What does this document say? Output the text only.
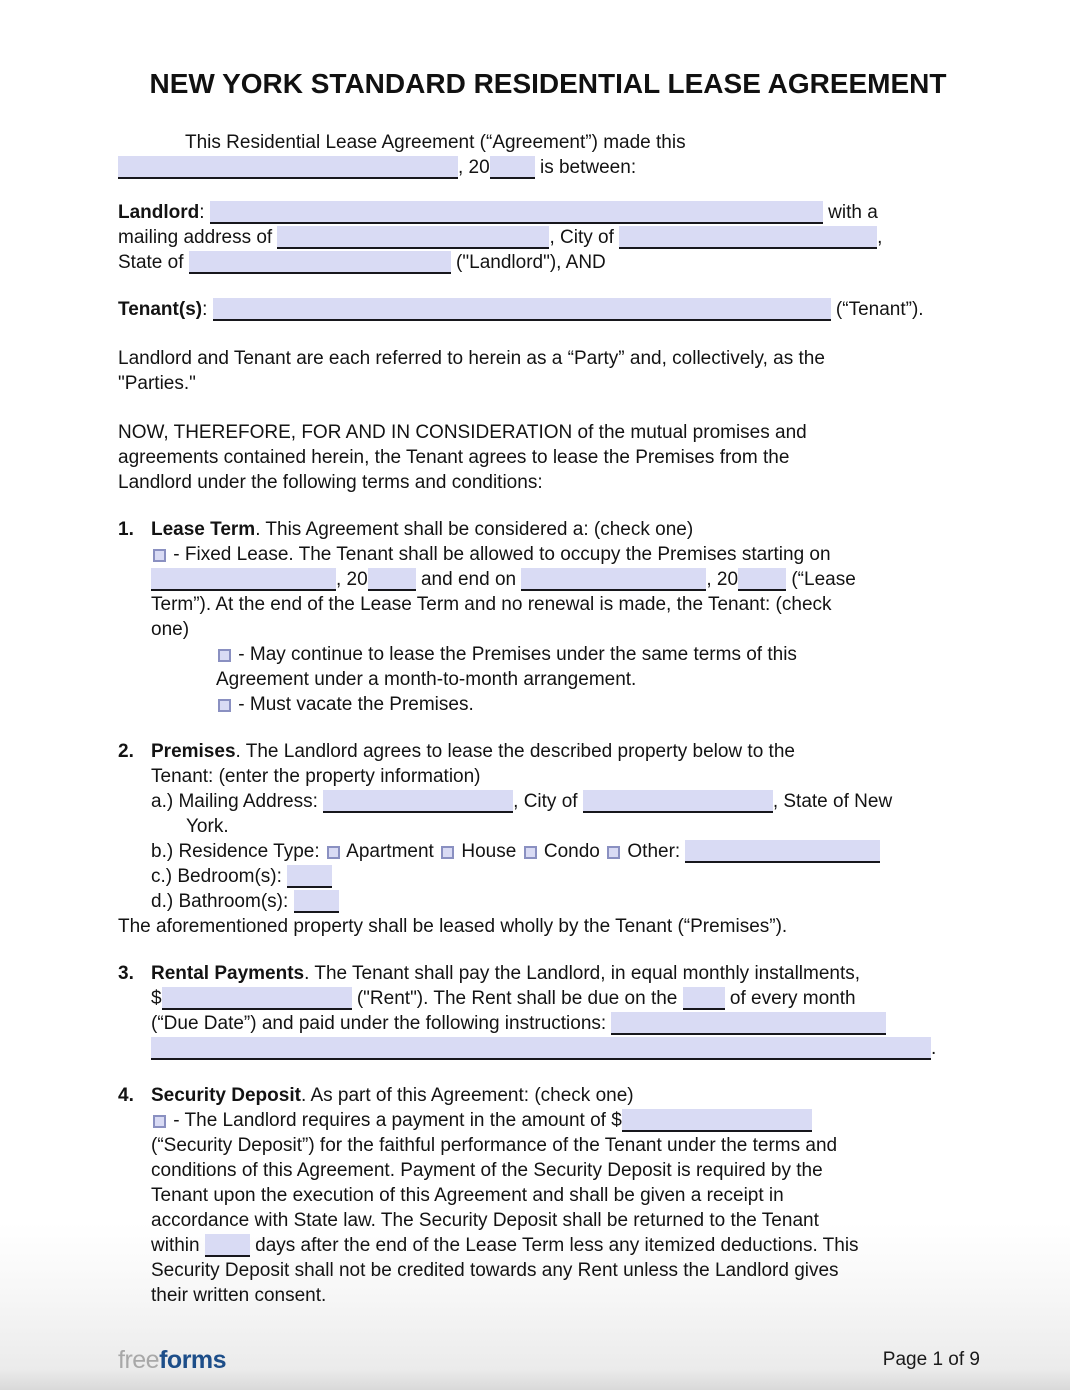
NEW YORK STANDARD RESIDENTIAL LEASE AGREEMENT
This Residential Lease Agreement (“Agreement”) made this
, 20 is between:
Landlord:	with a
mailing address of	, City of	,
State of	("Landlord"), AND
Tenant(s):	(“Tenant”).
Landlord and Tenant are each referred to herein as a “Party” and, collectively, as the
"Parties."
NOW, THEREFORE, FOR AND IN CONSIDERATION of the mutual promises and
agreements contained herein, the Tenant agrees to lease the Premises from the
Landlord under the following terms and conditions:
1. Lease Term. This Agreement shall be considered a: (check one)
- Fixed Lease. The Tenant shall be allowed to occupy the Premises starting on
, 20	and end on	, 20	(“Lease
Term”). At the end of the Lease Term and no renewal is made, the Tenant: (check
one)
- May continue to lease the Premises under the same terms of this
Agreement under a month-to-month arrangement.
- Must vacate the Premises.
2. Premises. The Landlord agrees to lease the described property below to the
Tenant: (enter the property information)
a.) Mailing Address:	, City of	, State of New
York.
b.) Residence Type:  Apartment  House  Condo  Other:
c.) Bedroom(s):
d.) Bathroom(s):
The aforementioned property shall be leased wholly by the Tenant (“Premises”).
3. Rental Payments. The Tenant shall pay the Landlord, in equal monthly installments,
$	("Rent"). The Rent shall be due on the  of every month
(“Due Date”) and paid under the following instructions:
.
4. Security Deposit. As part of this Agreement: (check one)
- The Landlord requires a payment in the amount of $
(“Security Deposit”) for the faithful performance of the Tenant under the terms and
conditions of this Agreement. Payment of the Security Deposit is required by the
Tenant upon the execution of this Agreement and shall be given a receipt in
accordance with State law. The Security Deposit shall be returned to the Tenant
within  days after the end of the Lease Term less any itemized deductions. This
Security Deposit shall not be credited towards any Rent unless the Landlord gives
their written consent.
freeforms	Page 1 of 9
